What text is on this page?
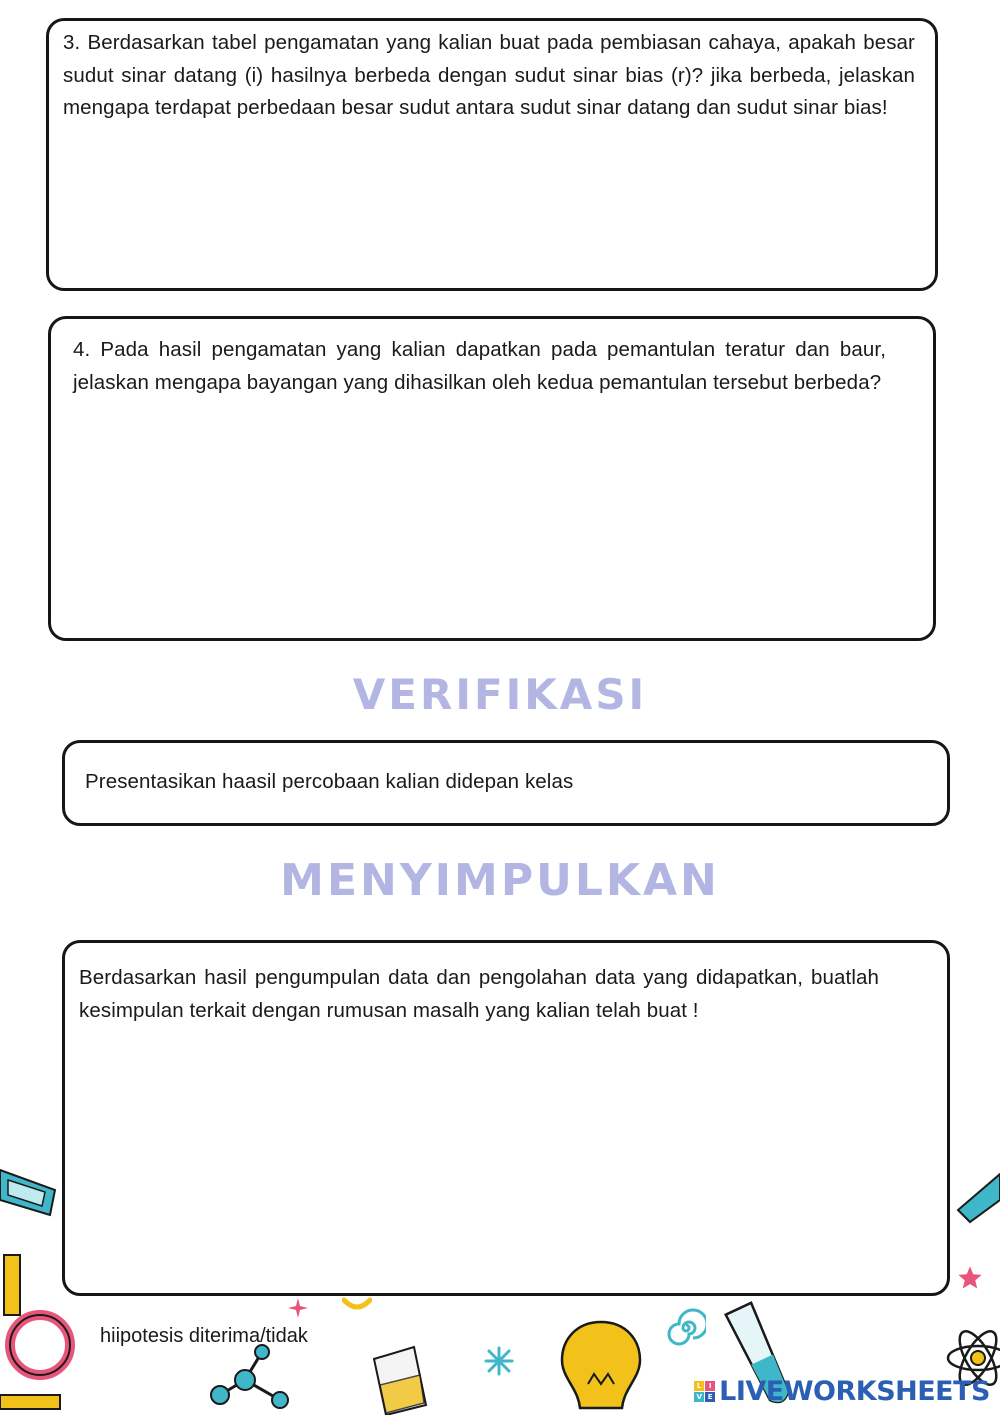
3. Berdasarkan tabel pengamatan yang kalian buat pada pembiasan cahaya, apakah besar sudut sinar datang (i) hasilnya berbeda dengan sudut sinar bias (r)? jika berbeda, jelaskan mengapa terdapat perbedaan besar sudut antara sudut sinar datang dan sudut sinar bias!
4. Pada hasil pengamatan yang kalian dapatkan pada pemantulan teratur dan baur, jelaskan mengapa bayangan yang dihasilkan oleh kedua pemantulan tersebut berbeda?
VERIFIKASI
Presentasikan haasil percobaan kalian didepan kelas
MENYIMPULKAN
Berdasarkan hasil pengumpulan data dan pengolahan data yang didapatkan, buatlah kesimpulan terkait dengan rumusan masalh yang kalian telah buat !
hiipotesis diterima/tidak
L	I
V E LIVEWORKSHEETS
